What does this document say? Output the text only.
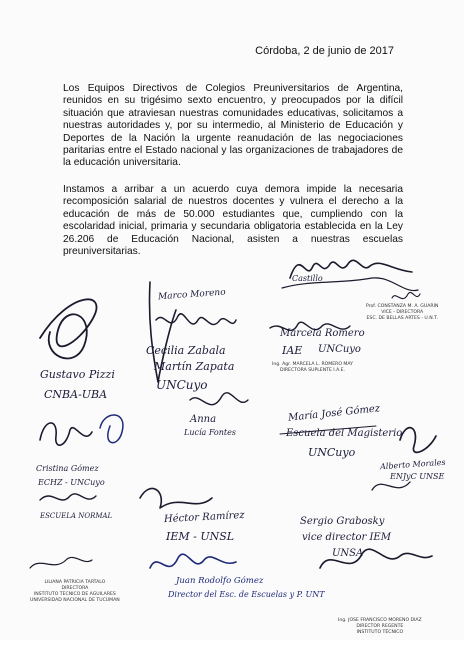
Córdoba, 2 de junio de 2017
Los Equipos Directivos de Colegios Preuniversitarios de Argentina, reunidos en su trigésimo sexto encuentro, y preocupados por la difícil situación que atraviesan nuestras comunidades educativas, solicitamos a nuestras autoridades y, por su intermedio, al Ministerio de Educación y Deportes de la Nación la urgente reanudación de las negociaciones paritarias entre el Estado nacional y las organizaciones de trabajadores de la educación universitaria.
Instamos a arribar a un acuerdo cuya demora impide la necesaria recomposición salarial de nuestros docentes y vulnera el derecho a la educación de más de 50.000 estudiantes que, cumpliendo con la escolaridad inicial, primaria y secundaria obligatoria establecida en la Ley 26.206 de Educación Nacional, asisten a nuestras escuelas preuniversitarias.
Castillo
Marco Moreno
Cecilia Zabala
Martín Zapata
UNCuyo
Marcela Romero
IAE UNCuyo
Gustavo Pizzi
CNBA-UBA
Anna
Lucía Fontes
María José Gómez
Escuela del Magisterio
UNCuyo
Cristina Gómez
ECHZ - UNCuyo
Alberto Morales
ENJyC UNSE
ESCUELA NORMAL	Héctor Ramírez
IEM - UNSL
Sergio Grabosky
vice director IEM
UNSA
Juan Rodolfo Gómez
Director del Esc. de Escuelas y P. UNT
Prof. CONSTANZA M. A. GUARIN
VICE - DIRECTORA
ESC. DE BELLAS ARTES - U.N.T.
Ing. Agr. MARCELA L. ROMERO MAY
DIRECTORA SUPLENTE I.A.E.
LILIANA PATRICIA TARTALO
DIRECTORA
INSTITUTO TECNICO DE AGUILARES
UNIVERSIDAD NACIONAL DE TUCUMAN
Ing. JOSE FRANCISCO MORENO DIAZ
DIRECTOR REGENTE
INSTITUTO TÉCNICO
